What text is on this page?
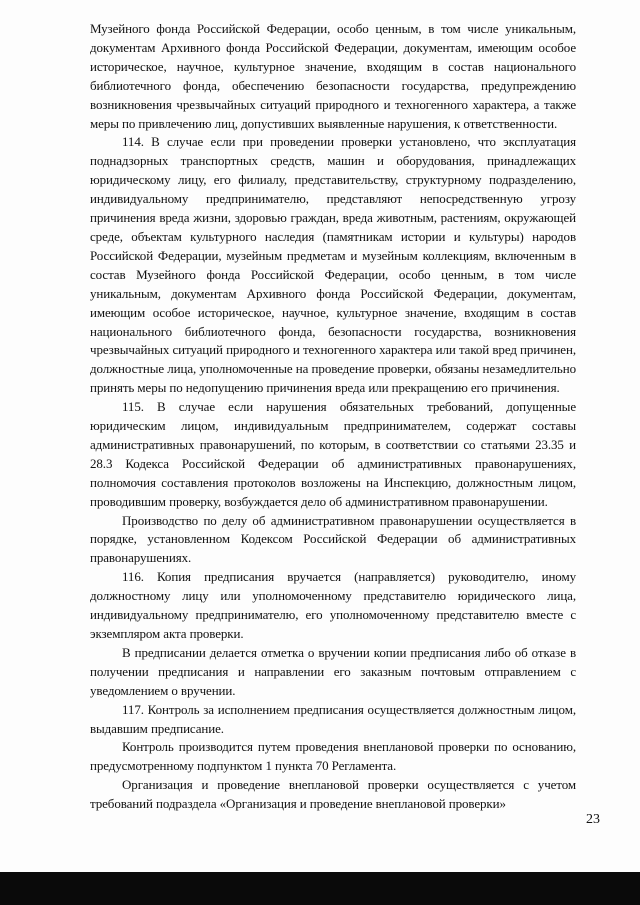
Музейного фонда Российской Федерации, особо ценным, в том числе уникальным, документам Архивного фонда Российской Федерации, документам, имеющим особое историческое, научное, культурное значение, входящим в состав национального библиотечного фонда, обеспечению безопасности государства, предупреждению возникновения чрезвычайных ситуаций природного и техногенного характера, а также меры по привлечению лиц, допустивших выявленные нарушения, к ответственности.

114. В случае если при проведении проверки установлено, что эксплуатация поднадзорных транспортных средств, машин и оборудования, принадлежащих юридическому лицу, его филиалу, представительству, структурному подразделению, индивидуальному предпринимателю, представляют непосредственную угрозу причинения вреда жизни, здоровью граждан, вреда животным, растениям, окружающей среде, объектам культурного наследия (памятникам истории и культуры) народов Российской Федерации, музейным предметам и музейным коллекциям, включенным в состав Музейного фонда Российской Федерации, особо ценным, в том числе уникальным, документам Архивного фонда Российской Федерации, документам, имеющим особое историческое, научное, культурное значение, входящим в состав национального библиотечного фонда, безопасности государства, возникновения чрезвычайных ситуаций природного и техногенного характера или такой вред причинен, должностные лица, уполномоченные на проведение проверки, обязаны незамедлительно принять меры по недопущению причинения вреда или прекращению его причинения.

115. В случае если нарушения обязательных требований, допущенные юридическим лицом, индивидуальным предпринимателем, содержат составы административных правонарушений, по которым, в соответствии со статьями 23.35 и 28.3 Кодекса Российской Федерации об административных правонарушениях, полномочия составления протоколов возложены на Инспекцию, должностным лицом, проводившим проверку, возбуждается дело об административном правонарушении.

Производство по делу об административном правонарушении осуществляется в порядке, установленном Кодексом Российской Федерации об административных правонарушениях.

116. Копия предписания вручается (направляется) руководителю, иному должностному лицу или уполномоченному представителю юридического лица, индивидуальному предпринимателю, его уполномоченному представителю вместе с экземпляром акта проверки.

В предписании делается отметка о вручении копии предписания либо об отказе в получении предписания и направлении его заказным почтовым отправлением с уведомлением о вручении.

117. Контроль за исполнением предписания осуществляется должностным лицом, выдавшим предписание.

Контроль производится путем проведения внеплановой проверки по основанию, предусмотренному подпунктом 1 пункта 70 Регламента.

Организация и проведение внеплановой проверки осуществляется с учетом требований подраздела «Организация и проведение внеплановой проверки»

23
